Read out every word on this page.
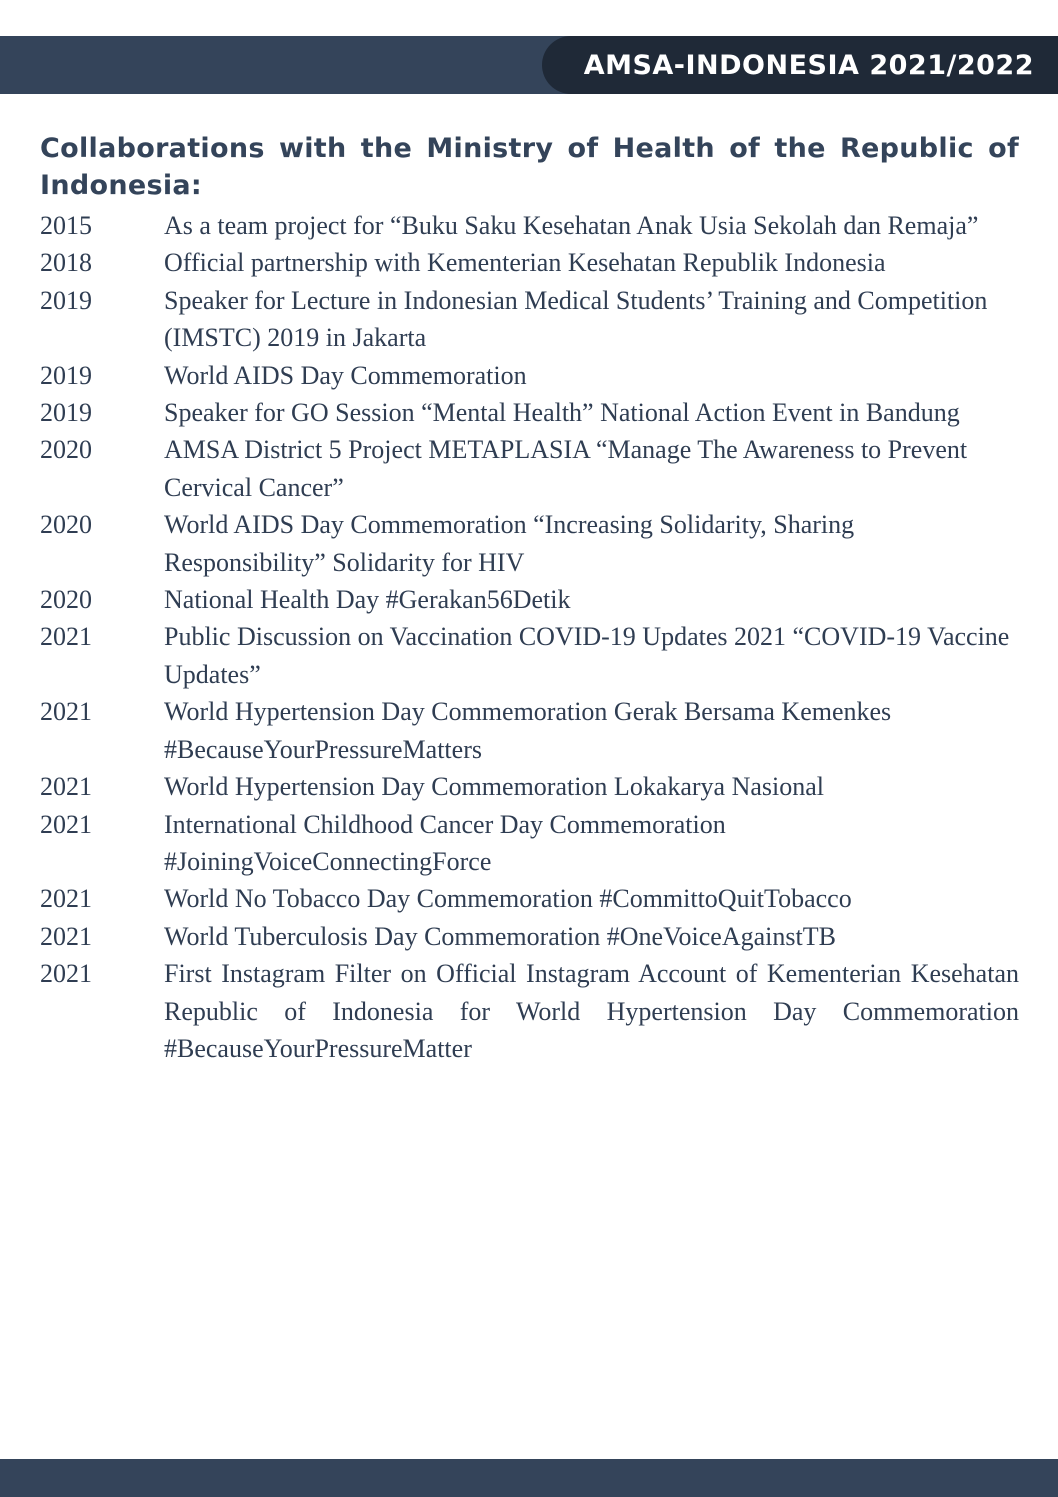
AMSA-INDONESIA 2021/2022
Collaborations with the Ministry of Health of the Republic of Indonesia:
2015	As a team project for “Buku Saku Kesehatan Anak Usia Sekolah dan Remaja”
2018	Official partnership with Kementerian Kesehatan Republik Indonesia
2019	Speaker for Lecture in Indonesian Medical Students’ Training and Competition (IMSTC) 2019 in Jakarta
2019	World AIDS Day Commemoration
2019	Speaker for GO Session “Mental Health” National Action Event in Bandung
2020	AMSA District 5 Project METAPLASIA “Manage The Awareness to Prevent Cervical Cancer”
2020	World AIDS Day Commemoration “Increasing Solidarity, Sharing Responsibility” Solidarity for HIV
2020	National Health Day #Gerakan56Detik
2021	Public Discussion on Vaccination COVID-19 Updates 2021 “COVID-19 Vaccine Updates”
2021	World Hypertension Day Commemoration Gerak Bersama Kemenkes #BecauseYourPressureMatters
2021	World Hypertension Day Commemoration Lokakarya Nasional
2021	International Childhood Cancer Day Commemoration #JoiningVoiceConnectingForce
2021	World No Tobacco Day Commemoration #CommittoQuitTobacco
2021	World Tuberculosis Day Commemoration #OneVoiceAgainstTB
2021	First Instagram Filter on Official Instagram Account of Kementerian Kesehatan Republic of Indonesia for World Hypertension Day Commemoration #BecauseYourPressureMatter
